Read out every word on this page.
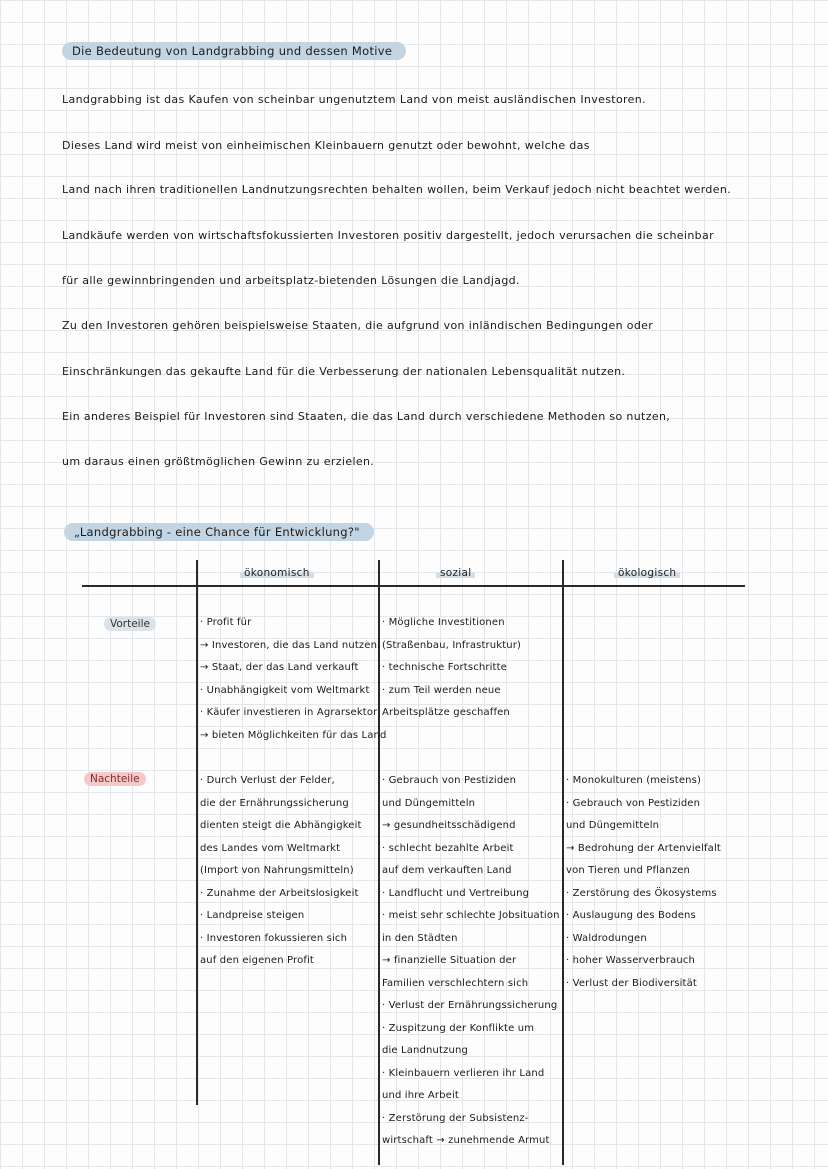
Die Bedeutung von Landgrabbing und dessen Motive
Landgrabbing ist das Kaufen von scheinbar ungenutztem Land von meist ausländischen Investoren.
Dieses Land wird meist von einheimischen Kleinbauern genutzt oder bewohnt, welche das
Land nach ihren traditionellen Landnutzungsrechten behalten wollen, beim Verkauf jedoch nicht beachtet werden.
Landkäufe werden von wirtschaftsfokussierten Investoren positiv dargestellt, jedoch verursachen die scheinbar
für alle gewinnbringenden und arbeitsplatz-bietenden Lösungen die Landjagd.
Zu den Investoren gehören beispielsweise Staaten, die aufgrund von inländischen Bedingungen oder
Einschränkungen das gekaufte Land für die Verbesserung der nationalen Lebensqualität nutzen.
Ein anderes Beispiel für Investoren sind Staaten, die das Land durch verschiedene Methoden so nutzen,
um daraus einen größtmöglichen Gewinn zu erzielen.
„Landgrabbing - eine Chance für Entwicklung?"
ökonomisch	sozial	ökologisch
Vorteile
Nachteile
· Profit für
→ Investoren, die das Land nutzen
→ Staat, der das Land verkauft
· Unabhängigkeit vom Weltmarkt
· Käufer investieren in Agrarsektor
→ bieten Möglichkeiten für das Land
· Mögliche Investitionen
(Straßenbau, Infrastruktur)
· technische Fortschritte
· zum Teil werden neue
Arbeitsplätze geschaffen
· Durch Verlust der Felder,
die der Ernährungssicherung
dienten steigt die Abhängigkeit
des Landes vom Weltmarkt
(Import von Nahrungsmitteln)
· Zunahme der Arbeitslosigkeit
· Landpreise steigen
· Investoren fokussieren sich
auf den eigenen Profit
· Gebrauch von Pestiziden
und Düngemitteln
→ gesundheitsschädigend
· schlecht bezahlte Arbeit
auf dem verkauften Land
· Landflucht und Vertreibung
· meist sehr schlechte Jobsituation
in den Städten
→ finanzielle Situation der
Familien verschlechtern sich
· Verlust der Ernährungssicherung
· Zuspitzung der Konflikte um
die Landnutzung
· Kleinbauern verlieren ihr Land
und ihre Arbeit
· Zerstörung der Subsistenz-
wirtschaft → zunehmende Armut
· Monokulturen (meistens)
· Gebrauch von Pestiziden
und Düngemitteln
→ Bedrohung der Artenvielfalt
von Tieren und Pflanzen
· Zerstörung des Ökosystems
· Auslaugung des Bodens
· Waldrodungen
· hoher Wasserverbrauch
· Verlust der Biodiversität
